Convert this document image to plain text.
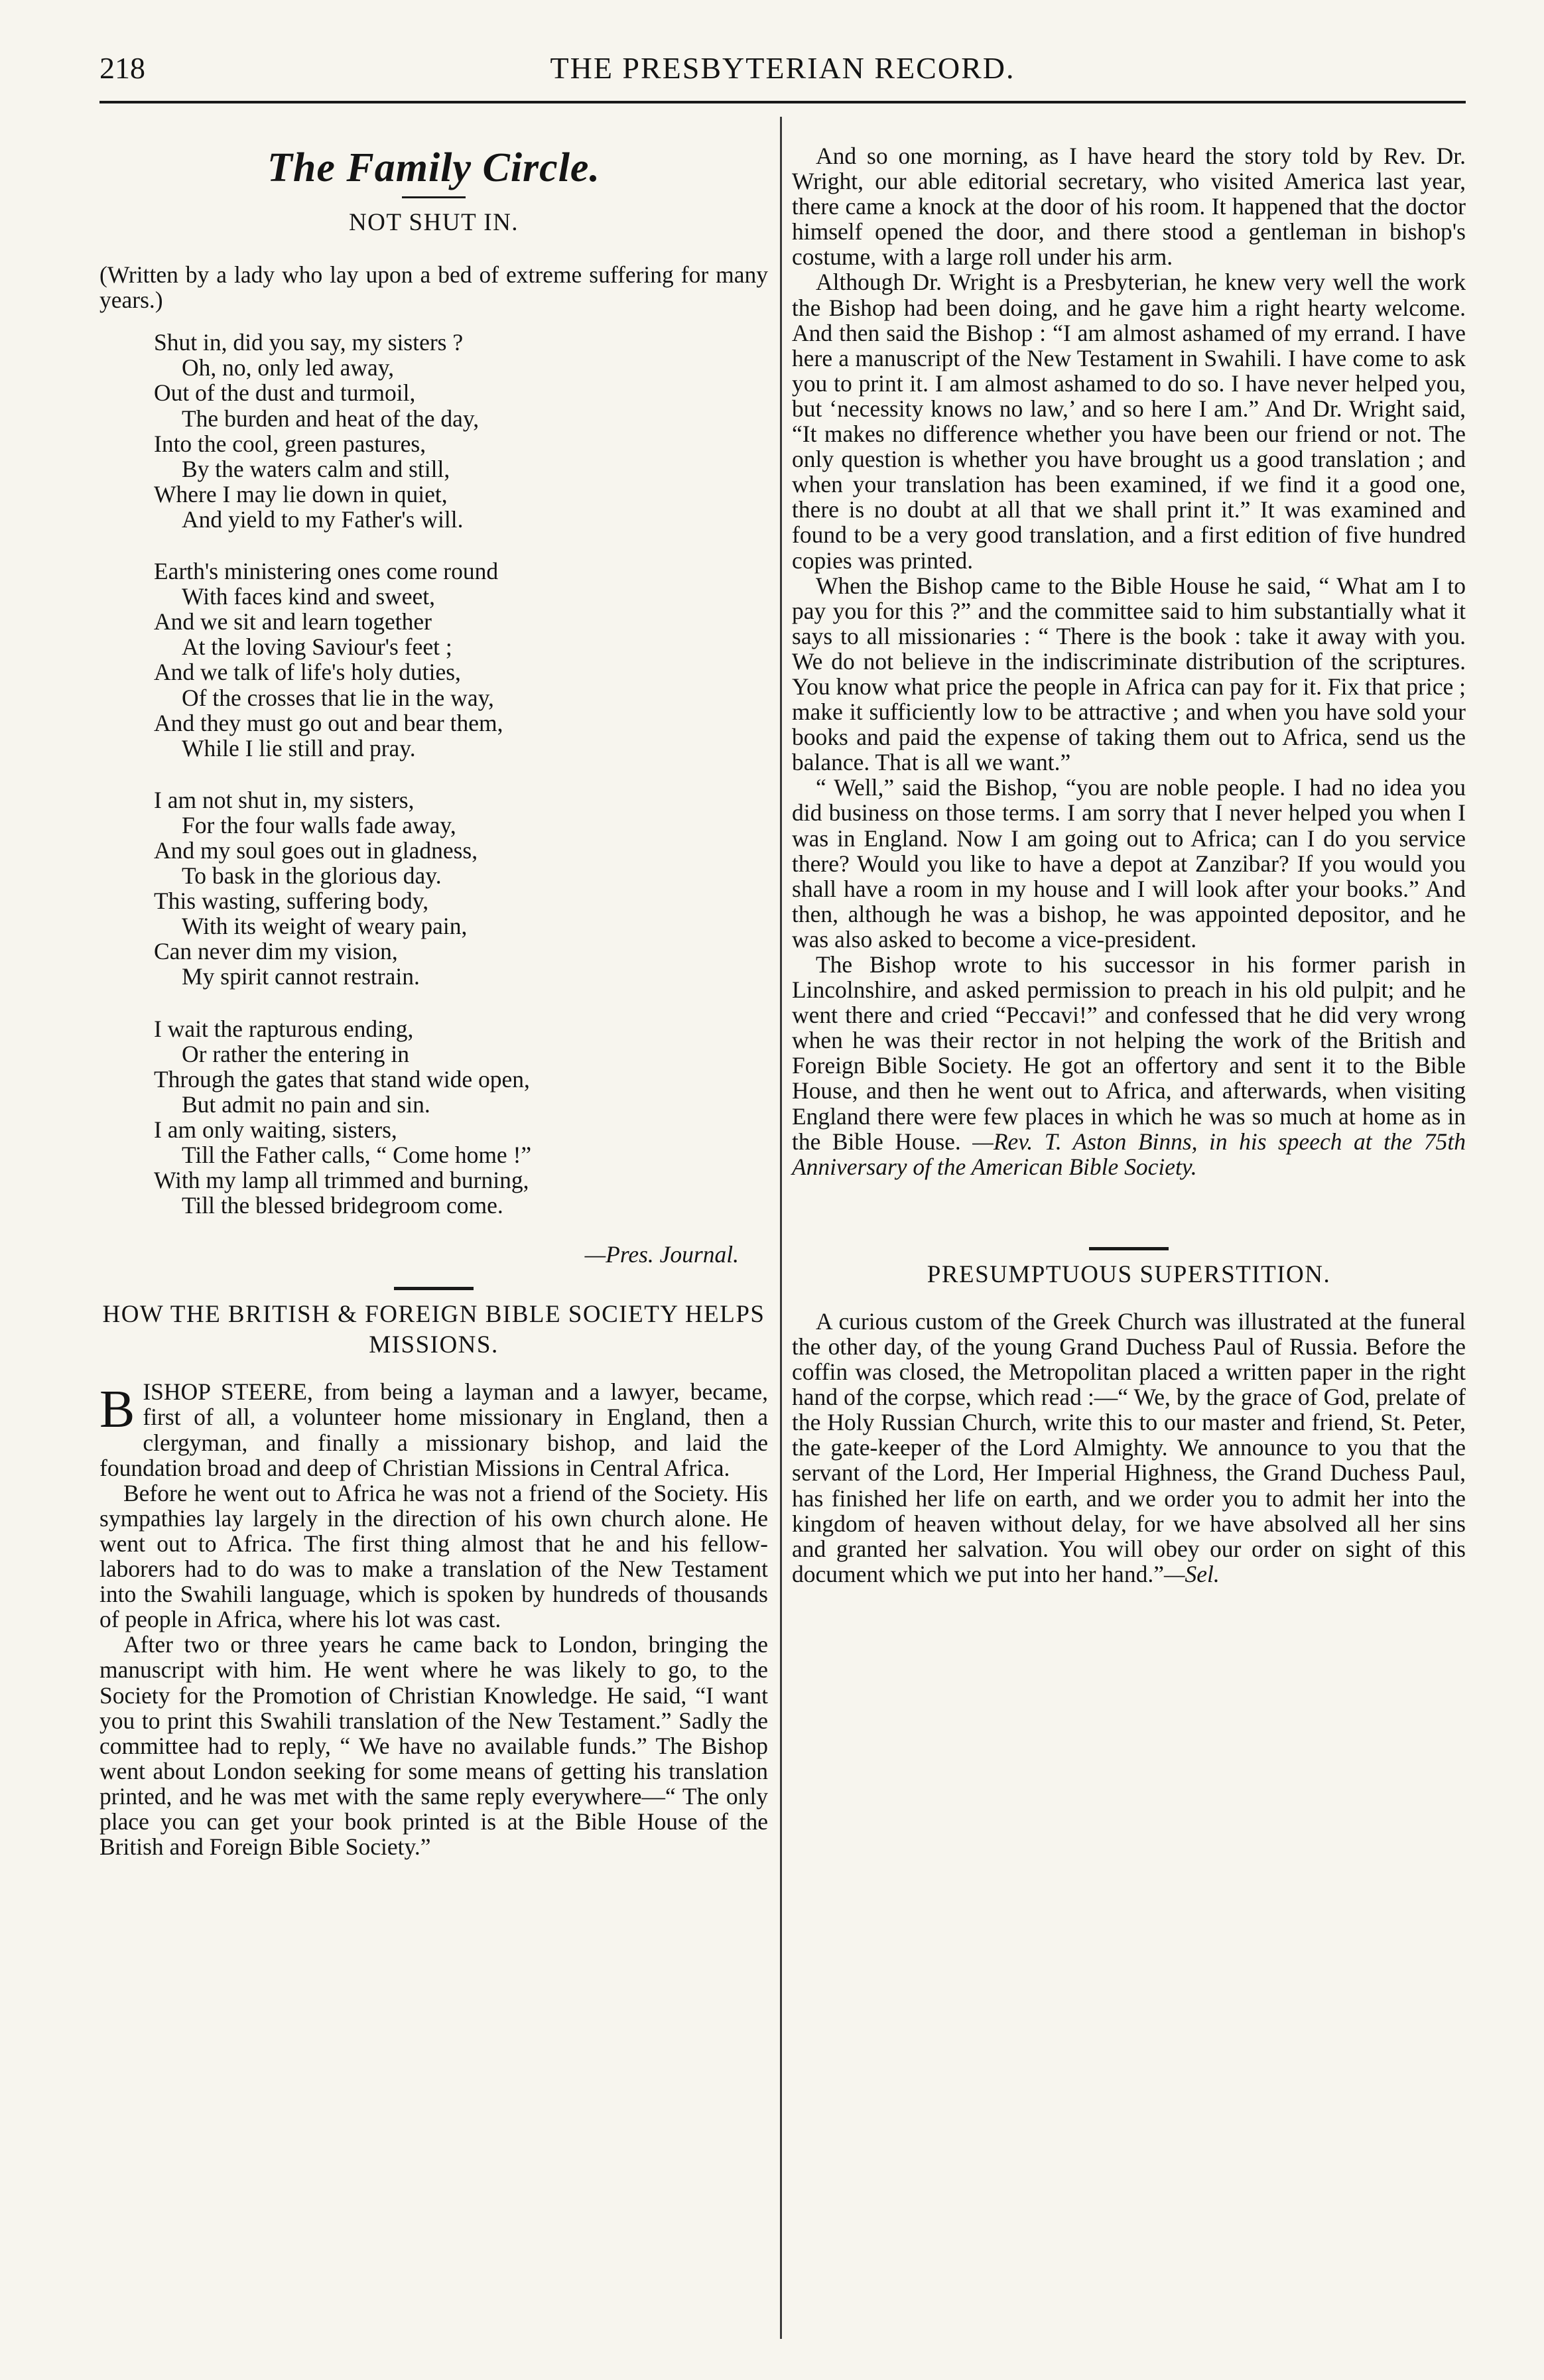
218	THE PRESBYTERIAN RECORD.
The Family Circle.
NOT SHUT IN.
(Written by a lady who lay upon a bed of extreme suffering for many years.)
Shut in, did you say, my sisters ?
Oh, no, only led away,
Out of the dust and turmoil,
The burden and heat of the day,
Into the cool, green pastures,
By the waters calm and still,
Where I may lie down in quiet,
And yield to my Father's will.
Earth's ministering ones come round
With faces kind and sweet,
And we sit and learn together
At the loving Saviour's feet ;
And we talk of life's holy duties,
Of the crosses that lie in the way,
And they must go out and bear them,
While I lie still and pray.
I am not shut in, my sisters,
For the four walls fade away,
And my soul goes out in gladness,
To bask in the glorious day.
This wasting, suffering body,
With its weight of weary pain,
Can never dim my vision,
My spirit cannot restrain.
I wait the rapturous ending,
Or rather the entering in
Through the gates that stand wide open,
But admit no pain and sin.
I am only waiting, sisters,
Till the Father calls, “ Come home !”
With my lamp all trimmed and burning,
Till the blessed bridegroom come.
—Pres. Journal.
HOW THE BRITISH & FOREIGN BIBLE SOCIETY HELPS MISSIONS.

BISHOP STEERE, from being a layman and a lawyer, became, first of all, a volunteer home missionary in England, then a clergyman, and finally a missionary bishop, and laid the foundation broad and deep of Christian Missions in Central Africa.

Before he went out to Africa he was not a friend of the Society. His sympathies lay largely in the direction of his own church alone. He went out to Africa. The first thing almost that he and his fellow-laborers had to do was to make a translation of the New Testament into the Swahili language, which is spoken by hundreds of thousands of people in Africa, where his lot was cast.

After two or three years he came back to London, bringing the manuscript with him. He went where he was likely to go, to the Society for the Promotion of Christian Knowledge. He said, “I want you to print this Swahili translation of the New Testament.” Sadly the committee had to reply, “ We have no available funds.” The Bishop went about London seeking for some means of getting his translation printed, and he was met with the same reply everywhere—“ The only place you can get your book printed is at the Bible House of the British and Foreign Bible Society.”

And so one morning, as I have heard the story told by Rev. Dr. Wright, our able editorial secretary, who visited America last year, there came a knock at the door of his room. It happened that the doctor himself opened the door, and there stood a gentleman in bishop's costume, with a large roll under his arm.

Although Dr. Wright is a Presbyterian, he knew very well the work the Bishop had been doing, and he gave him a right hearty welcome. And then said the Bishop : “I am almost ashamed of my errand. I have here a manuscript of the New Testament in Swahili. I have come to ask you to print it. I am almost ashamed to do so. I have never helped you, but ‘necessity knows no law,’ and so here I am.” And Dr. Wright said, “It makes no difference whether you have been our friend or not. The only question is whether you have brought us a good translation ; and when your translation has been examined, if we find it a good one, there is no doubt at all that we shall print it.” It was examined and found to be a very good translation, and a first edition of five hundred copies was printed.

When the Bishop came to the Bible House he said, “ What am I to pay you for this ?” and the committee said to him substantially what it says to all missionaries : “ There is the book : take it away with you. We do not believe in the indiscriminate distribution of the scriptures. You know what price the people in Africa can pay for it. Fix that price ; make it sufficiently low to be attractive ; and when you have sold your books and paid the expense of taking them out to Africa, send us the balance. That is all we want.”

“ Well,” said the Bishop, “you are noble people. I had no idea you did business on those terms. I am sorry that I never helped you when I was in England. Now I am going out to Africa; can I do you service there? Would you like to have a depot at Zanzibar? If you would you shall have a room in my house and I will look after your books.” And then, although he was a bishop, he was appointed depositor, and he was also asked to become a vice-president.

The Bishop wrote to his successor in his former parish in Lincolnshire, and asked permission to preach in his old pulpit; and he went there and cried “Peccavi!” and confessed that he did very wrong when he was their rector in not helping the work of the British and Foreign Bible Society. He got an offertory and sent it to the Bible House, and then he went out to Africa, and afterwards, when visiting England there were few places in which he was so much at home as in the Bible House. —Rev. T. Aston Binns, in his speech at the 75th Anniversary of the American Bible Society.

PRESUMPTUOUS SUPERSTITION.

A curious custom of the Greek Church was illustrated at the funeral the other day, of the young Grand Duchess Paul of Russia. Before the coffin was closed, the Metropolitan placed a written paper in the right hand of the corpse, which read :—“ We, by the grace of God, prelate of the Holy Russian Church, write this to our master and friend, St. Peter, the gate-keeper of the Lord Almighty. We announce to you that the servant of the Lord, Her Imperial Highness, the Grand Duchess Paul, has finished her life on earth, and we order you to admit her into the kingdom of heaven without delay, for we have absolved all her sins and granted her salvation. You will obey our order on sight of this document which we put into her hand.”—Sel.
